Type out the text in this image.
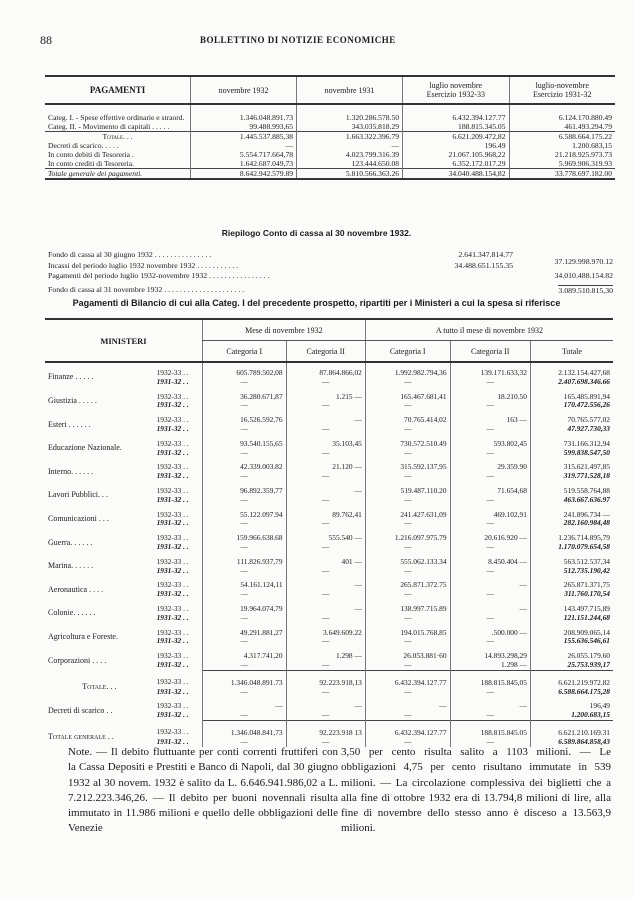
88	BOLLETTINO DI NOTIZIE ECONOMICHE
PAGAMENTI	novembre 1932	novembre 1931	luglio novembre
Esercizio 1932-33	luglio-novembre
Esercizio 1931-32
Categ. I. - Spese effettive ordinarie e straord.	1.346.048.891.73	1.320.286.578.50	6.432.394.127.77	6.124.170.880.49
Categ. II. - Movimento di capitali . . . . .	99.488.993,65	343.035.818.29	188.815.345.05	461.493.294.79
Totale. . .	1.445.537.885,38	1.663.322.396.79	6.621.209.472,82	6.588.664.175.22
Decreti di scarico. . . . .	—	—	196.49	1.200.683,15
In conto debiti di Tesoreria .	5.554.717.664,78	4.023.799.316.39	21.067.105.968,22	21.218.925.973.73
In conto crediti di Tesoreria.	1.642.687.049,73	123.444.650.08	6.352.172.017.29	5.969.906.319.93
Totale generale dei pagamenti.	8.642.942.579.89	5.810.566.363.26	34.040.488.154,82	33.778.697.182.00
Riepilogo Conto di cassa al 30 novembre 1932.
Fondo di cassa al 30 giugno 1932 . . . . . . . . . . . . . . .	2.641.347.814.77
Incassi del periodo luglio 1932 novembre 1932 . . . . . . . . . . .	34.488.651.155.35	37.129.998.970.12
Pagamenti del periodo luglio 1932-novembre 1932 . . . . . . . . . . . . . . . .	34.010.488.154.82
Fondo di cassa al 31 novembre 1932 . . . . . . . . . . . . . . . . . . . . .	3.089.510.815,30
Pagamenti di Bilancio di cui alla Categ. I del precedente prospetto, ripartiti per i Ministeri a cui la spesa si riferisce
MINISTERI		Mese di novembre 1932		A tutto il mese di novembre 1932		
		Categoria I	Categoria II	Categoria I	Categoria II	Totale
Finanze . . . . .	1932-33 . .	605.789.502,08	87.864.866,02	1.992.982.794,36	139.171.633,32	2.132.154.427,68
	1931-32 . .	—	—	—	—	2.407.698.346.66
Giustizia . . . . .	1932-33 . .	36.280.671,87	1.215 —	165.467.681,41	18.210.50	165.485.891,94
	1931-32 . .	—	—	—	—	170.472.556,26
Esteri . . . . . .	1932-33 . .	16.526.592,76	—	70.765.414,02	163 —	70.765.577,02
	1931-32 . .	—	—	—	—	47.927.730,33
Educazione Nazionale.	1932-33 . .	93.540.155,65	35.103,45	730.572.510.49	593.802,45	731.166.312,94
	1931-32 . .	—	—	—	—	599.838.547,50
Interno. . . . . .	1932-33 . .	42.339.003.82	21.120 —	315.592.137,95	29.359.90	315.621.497,85
	1931-32 . .	—	—	—	—	319.771.528,18
Lavori Pubblici. . .	1932-33 . .	96.892.359,77	—	519.487.110.20	71.654,68	519.558.764,88
	1931-32 . .	—	—	—	—	463.667.636.97
Comunicazioni . . .	1932-33 . .	55.122.097.94	89.762,41	241.427.631,09	469.102,91	241.896.734 —
	1931-32 . .	—	—	—	—	282.160.984,48
Guerra. . . . . .	1932-33 . .	159.966.638.68	555.540 —	1.216.097.975.79	20.616.920 —	1.236.714.895,79
	1931-32 . .	—	—	—	—	1.170.079.654,58
Marina. . . . . .	1932-33 . .	111.826.937,79	401 —	555.062.133.34	8.450.404 —	563.512.537,34
	1931-32 . .	—	—	—	—	512.735.190,42
Aeronautica . . . .	1932-33 . .	54.161.124,11	—	265.871.372.75	—	265.871.371,75
	1931-32 . .	—	—	—	—	311.760.170,54
Colonie. . . . . .	1932-33 . .	19.964.074,79	—	138.997.715.89	—	143.497.715,89
	1931-32 . .	—	—	—	—	121.151.244,68
Agricoltura e Foreste.	1932-33 . .	49.291.881,27	3.649.609.22	194.015.768,85	.500.000 —	208.909.065,14
	1931-32 . .	—	—	—	—	155.636.546,61
Corporazioni . . . .	1932-33 . .	4.317.741,20	1.298 —	26.053.881·60	14.893.298,29	26.055.179.60
	1931-32 . .	—	—	—	1.298 —	25.753.939,17
Totale. . .	1932-33 . .	1.346.048.891.73	92.223.918,13	6.432.394.127.77	188.815.845,05	6.621.219.972.82
	1931-32 . .	—	—	—	—	6.588.664.175,28
Decreti di scarico . .	1932-33 . .	—	—	—	—	196,49
	1931-32 . .	—	—	—	—	1.200.683,15
Totale generale . .	1932-33 . .	1.346.048.841,73	92.223.918 13	6.432.394.127.77	188.815.845.05	6.621.210.169.31
	1931-32 . .	—	—	—	—	6.589.864.858,43
Note. — Il debito fluttuante per conti correnti fruttiferi con la Cassa Depositi e Prestiti e Banco di Napoli, dal 30 giugno 1932 al 30 novem. 1932 è salito da L. 6.646.941.986,02 a L. 7.212.223.346,26. — Il debito per buoni novennali risulta immutato in 11.986 milioni e quello delle obbligazioni delle Venezie
3,50 per cento risulta salito a 1103 milioni. — Le obbligazioni 4,75 per cento risultano immutate in 539 milioni. — La circolazione complessiva dei biglietti che a alla fine di ottobre 1932 era di 13.794,8 milioni di lire, alla fine di novembre dello stesso anno è disceso a 13.563,9 milioni.
